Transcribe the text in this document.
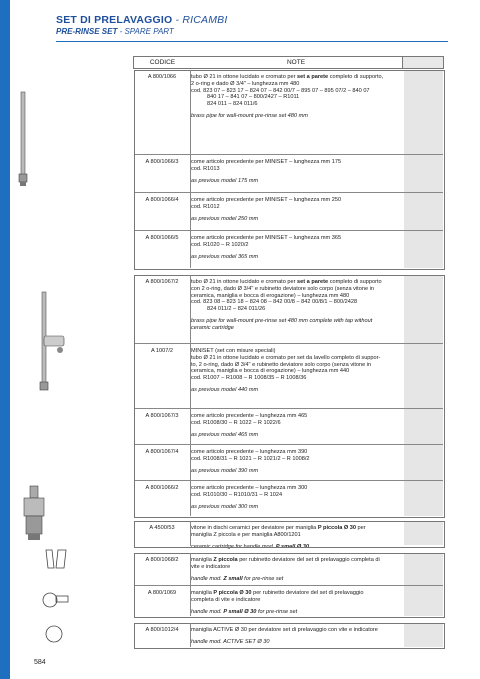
SET DI PRELAVAGGIO - RICAMBI
PRE-RINSE SET - SPARE PART
CODICE	NOTE
A 800/1066	tubo Ø 21 in ottone lucidato e cromato per set a parete completo di supporto,
2 o-ring e dado Ø 3/4" – lunghezza mm 480
cod. 823 07 – 823 17 – 824 07 – 842 00/7 – 895 07 – 895 07/2 – 840 07
840 17 – 841 07 – 800/2427 – R1011
824 011 – 824 011/6
brass pipe for wall-mount pre-rinse set 480 mm
A 800/1066/3	come articolo precedente per MINISET – lunghezza mm 175
cod. R1013
as previous model 175 mm
A 800/1066/4	come articolo precedente per MINISET – lunghezza mm 250
cod. R1012
as previous model 250 mm
A 800/1066/5	come articolo precedente per MINISET – lunghezza mm 365
cod. R1020 – R 1020/2
as previous model 365 mm
A 800/1067/2	tubo Ø 21 in ottone lucidato e cromato per set a parete completo di supporto
con 2 o-ring, dado Ø 3/4" e rubinetto deviatore solo corpo (senza vitone in
ceramica, maniglia e bocca di erogazione) – lunghezza mm 480
cod. 823 08 – 823 18 – 824 08 – 842 00/8 – 842 00/8/1 – 800/2428
824 011/2 – 824 011/26
brass pipe for wall-mount pre-rinse set 480 mm complete with tap without
ceramic cartridge
A 1007/2	MINISET (set con misure speciali)
tubo Ø 21 in ottone lucidato e cromato per set da lavello completo di suppor-
to, 2 o-ring, dado Ø 3/4" e rubinetto deviatore solo corpo (senza vitone in
ceramica, maniglia e bocca di erogazione) – lunghezza mm 440
cod. R1007 – R1008 – R 1008/35 – R 1008/36
as previous model 440 mm
A 800/1067/3	come articolo precedente – lunghezza mm 465
cod. R1008/30 – R 1022 – R 1022/6
as previous model 465 mm
A 800/1067/4	come articolo precedente – lunghezza mm 390
cod. R1008/31 – R 1021 – R 1021/2 – R 1008/2
as previous model 390 mm
A 800/1066/2	come articolo precedente – lunghezza mm 300
cod. R1010/30 – R1010/31 – R 1024
as previous model 300 mm
A 4500/53	vitone in dischi ceramici per deviatore per maniglia P piccola Ø 30 per
maniglia Z piccola e per maniglia A800/1201
ceramic cartridge for handle mod. P small Ø 30
A 800/1068/2	maniglia Z piccola per rubinetto deviatore del set di prelavaggio completa di
vite e indicatore
handle mod. Z small for pre-rinse set
A 800/1069	maniglia P piccola Ø 30 per rubinetto deviatore del set di prelavaggio
completa di vite e indicatore
handle mod. P small Ø 30 for pre-rinse set
A 800/1012/4	maniglia ACTIVE Ø 30 per deviatore set di prelavaggio con vite e indicatore
handle mod. ACTIVE SET Ø 30
584
